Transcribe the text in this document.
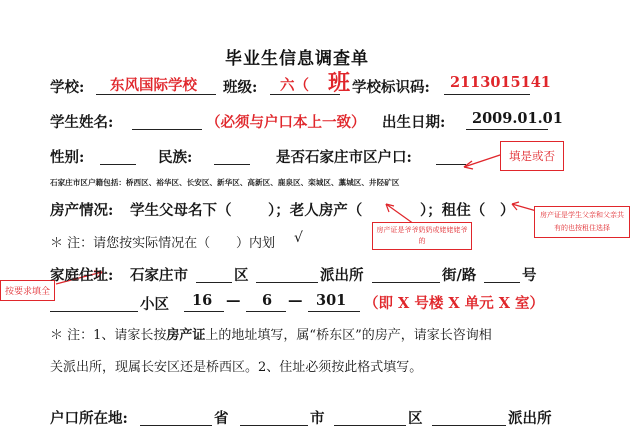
毕业生信息调查单
学校: 东风国际学校 班级: 六（ 班 学校标识码: 2113015141
学生姓名:	（必须与户口本上一致） 出生日期: 2009.01.01
性别:	民族:	是否石家庄市区户口:	填是或否
石家庄市区户籍包括：桥西区、裕华区、长安区、新华区、高新区、鹿泉区、栾城区、藁城区、井陉矿区
房产情况: 学生父母名下（	）；老人房产（	）；租住（ ）
房产证是爷爷奶奶或姥姥姥爷的
房产证是学生父亲和父亲共有的也按租住选择
＊ 注：请您按实际情况在（ ）内划 √
按要求填全
家庭住址: 石家庄市	区	派出所	街/路	号
小区 16 — 6 — 301 （即 X 号楼 X 单元 X 室）
＊ 注：1、请家长按房产证上的地址填写，属“桥东区”的房产，请家长咨询相
关派出所，现属长安区还是桥西区。2、住址必须按此格式填写。
户口所在地:	省	市	区	派出所
